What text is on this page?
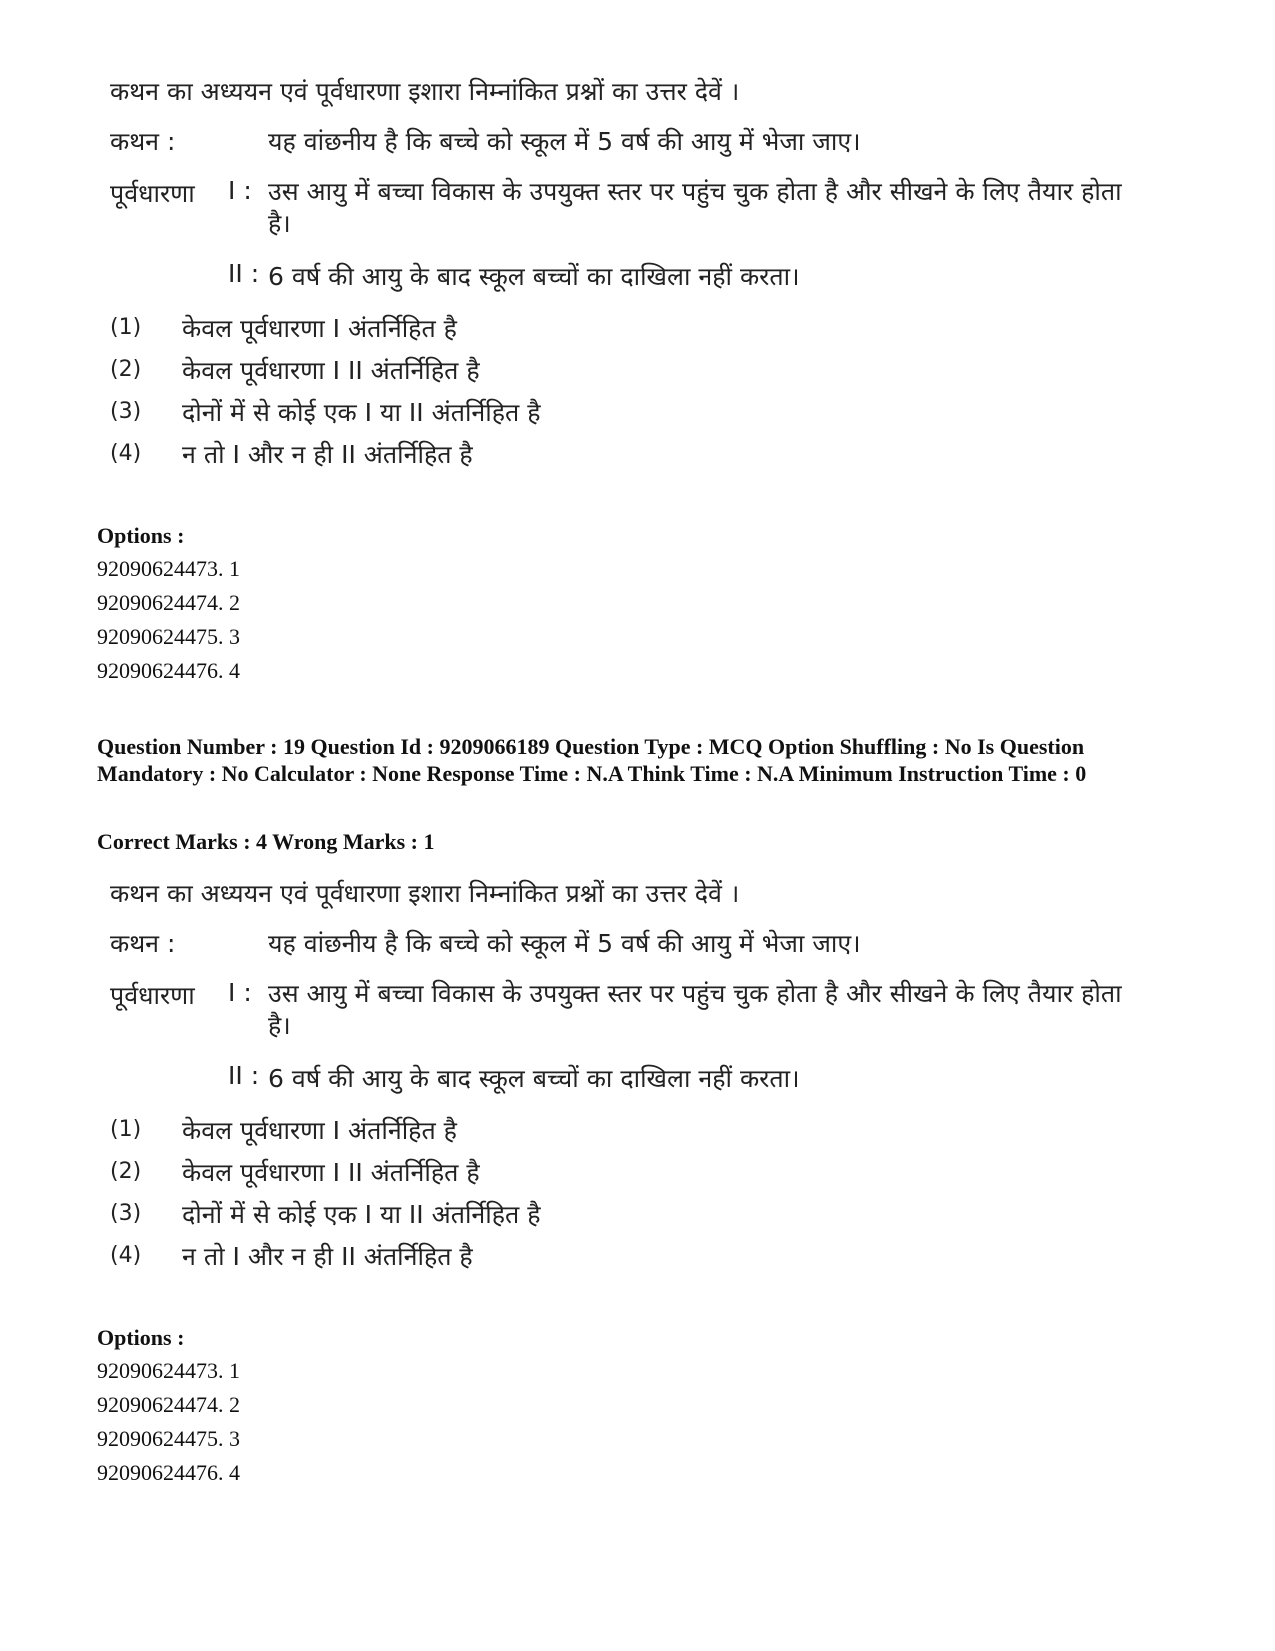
कथन का अध्ययन एवं पूर्वधारणा इशारा निम्नांकित प्रश्नों का उत्तर देवें ।
कथन :	यह वांछनीय है कि बच्चे को स्कूल में 5 वर्ष की आयु में भेजा जाए।
पूर्वधारणा I : उस आयु में बच्चा विकास के उपयुक्त स्तर पर पहुंच चुक होता है और सीखने के लिए तैयार होता है।
II : 6 वर्ष की आयु के बाद स्कूल बच्चों का दाखिला नहीं करता।
(1) केवल पूर्वधारणा I अंतर्निहित है
(2) केवल पूर्वधारणा I II अंतर्निहित है
(3) दोनों में से कोई एक I या II अंतर्निहित है
(4) न तो I और न ही II अंतर्निहित है
Options :
92090624473. 1
92090624474. 2
92090624475. 3
92090624476. 4
Question Number : 19 Question Id : 9209066189 Question Type : MCQ Option Shuffling : No Is Question Mandatory : No Calculator : None Response Time : N.A Think Time : N.A Minimum Instruction Time : 0
Correct Marks : 4 Wrong Marks : 1
कथन का अध्ययन एवं पूर्वधारणा इशारा निम्नांकित प्रश्नों का उत्तर देवें ।
कथन :	यह वांछनीय है कि बच्चे को स्कूल में 5 वर्ष की आयु में भेजा जाए।
पूर्वधारणा I : उस आयु में बच्चा विकास के उपयुक्त स्तर पर पहुंच चुक होता है और सीखने के लिए तैयार होता है।
II : 6 वर्ष की आयु के बाद स्कूल बच्चों का दाखिला नहीं करता।
(1) केवल पूर्वधारणा I अंतर्निहित है
(2) केवल पूर्वधारणा I II अंतर्निहित है
(3) दोनों में से कोई एक I या II अंतर्निहित है
(4) न तो I और न ही II अंतर्निहित है
Options :
92090624473. 1
92090624474. 2
92090624475. 3
92090624476. 4
